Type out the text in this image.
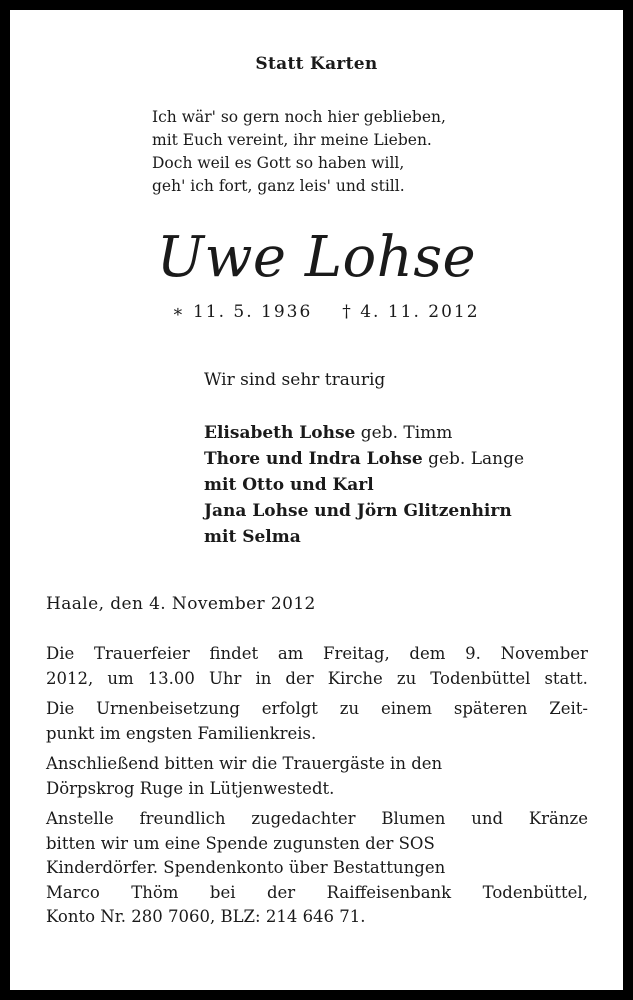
Statt Karten
Ich wär' so gern noch hier geblieben,
mit Euch vereint, ihr meine Lieben.
Doch weil es Gott so haben will,
geh' ich fort, ganz leis' und still.
Uwe Lohse
∗ 11. 5. 1936 † 4. 11. 2012
Wir sind sehr traurig
Elisabeth Lohse geb. Timm
Thore und Indra Lohse geb. Lange
mit Otto und Karl
Jana Lohse und Jörn Glitzenhirn
mit Selma
Haale, den 4. November 2012
Die Trauerfeier findet am Freitag, dem 9. November
2012, um 13.00 Uhr in der Kirche zu Todenbüttel statt.
Die Urnenbeisetzung erfolgt zu einem späteren Zeit-
punkt im engsten Familienkreis.
Anschließend bitten wir die Trauergäste in den
Dörpskrog Ruge in Lütjenwestedt.
Anstelle freundlich zugedachter Blumen und Kränze
bitten wir um eine Spende zugunsten der SOS
Kinderdörfer. Spendenkonto über Bestattungen
Marco Thöm bei der Raiffeisenbank Todenbüttel,
Konto Nr. 280 7060, BLZ: 214 646 71.
